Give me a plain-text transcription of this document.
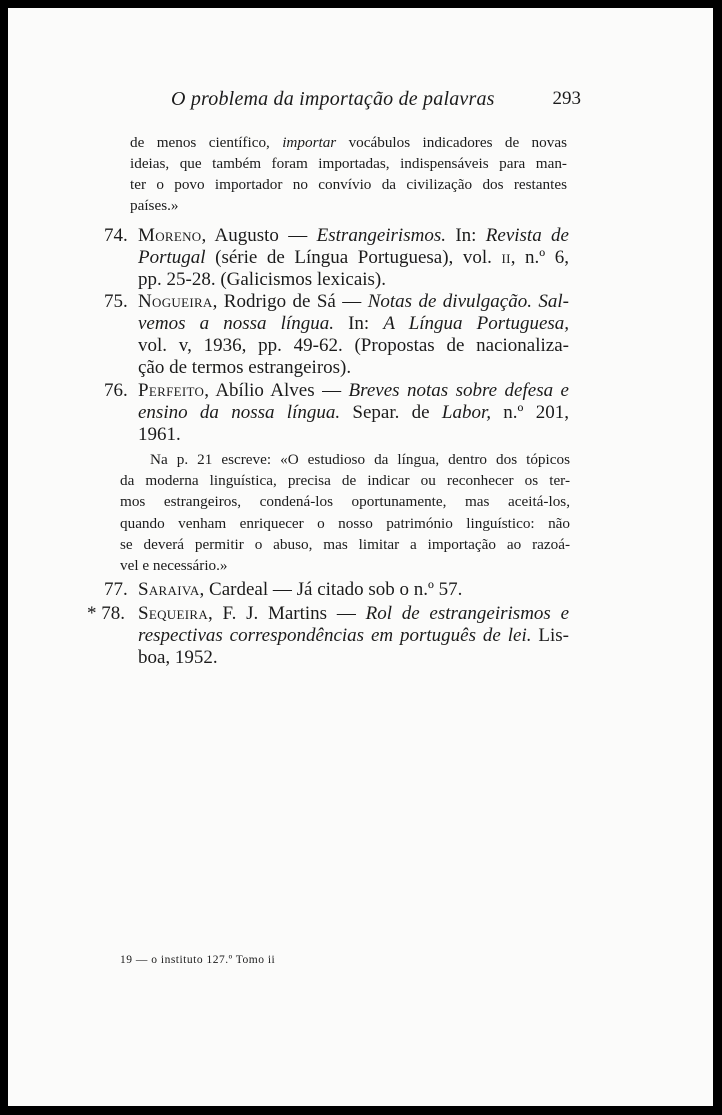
O problema da importação de palavras	293
de menos científico, importar vocábulos indicadores de novas
ideias, que também foram importadas, indispensáveis para man-
ter o povo importador no convívio da civilização dos restantes
países.»
74. Moreno, Augusto — Estrangeirismos. In: Revista de
Portugal (série de Língua Portuguesa), vol. ii, n.º 6,
pp. 25-28. (Galicismos lexicais).
75. Nogueira, Rodrigo de Sá — Notas de divulgação. Sal-
vemos a nossa língua. In: A Língua Portuguesa,
vol. v, 1936, pp. 49-62. (Propostas de nacionaliza-
ção de termos estrangeiros).
76. Perfeito, Abílio Alves — Breves notas sobre defesa e
ensino da nossa língua. Separ. de Labor, n.º 201,
1961.
Na p. 21 escreve: «O estudioso da língua, dentro dos tópicos
da moderna linguística, precisa de indicar ou reconhecer os ter-
mos estrangeiros, condená-los oportunamente, mas aceitá-los,
quando venham enriquecer o nosso património linguístico: não
se deverá permitir o abuso, mas limitar a importação ao razoá-
vel e necessário.»
77. Saraiva, Cardeal — Já citado sob o n.º 57.
* 78. Sequeira, F. J. Martins — Rol de estrangeirismos e
respectivas correspondências em português de lei. Lis-
boa, 1952.
19 — o instituto 127.º Tomo ii
